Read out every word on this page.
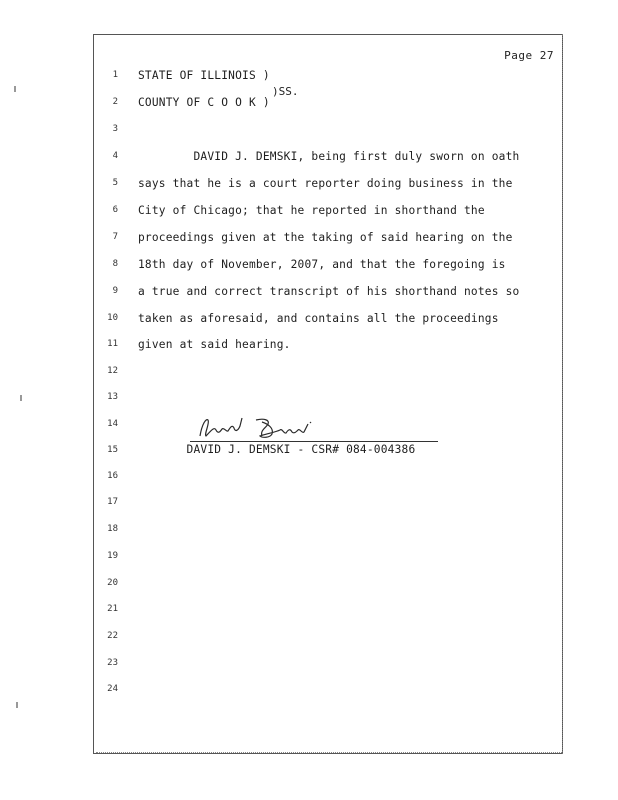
Page 27
1 STATE OF ILLINOIS )
2 COUNTY OF C O O K )
)SS.
3
4 DAVID J. DEMSKI, being first duly sworn on oath
5 says that he is a court reporter doing business in the
6 City of Chicago; that he reported in shorthand the
7 proceedings given at the taking of said hearing on the
8 18th day of November, 2007, and that the foregoing is
9 a true and correct transcript of his shorthand notes so
10 taken as aforesaid, and contains all the proceedings
11 given at said hearing.
12
13
14
15 DAVID J. DEMSKI - CSR# 084-004386
16
17
18
19
20
21
22
23
24
